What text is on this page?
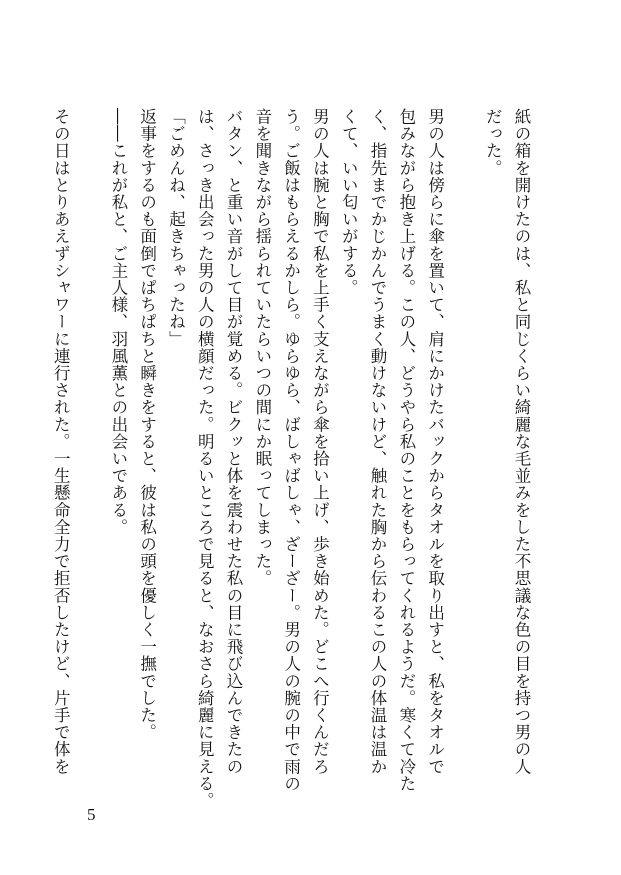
紙の箱を開けたのは、私と同じくらい綺麗な毛並みをした不思議な色の目を持つ男の人
だった。
男の人は傍らに傘を置いて、肩にかけたバックからタオルを取り出すと、私をタオルで
包みながら抱き上げる。この人、どうやら私のことをもらってくれるようだ。寒くて冷た
く、指先までかじかんでうまく動けないけど、触れた胸から伝わるこの人の体温は温か
くて、いい匂いがする。
男の人は腕と胸で私を上手く支えながら傘を拾い上げ、歩き始めた。どこへ行くんだろ
う。ご飯はもらえるかしら。ゆらゆら、ばしゃばしゃ、ざーざー。男の人の腕の中で雨の
音を聞きながら揺られていたらいつの間にか眠ってしまった。
バタン、と重い音がして目が覚める。ビクッと体を震わせた私の目に飛び込んできたの
は、さっき出会った男の人の横顔だった。明るいところで見ると、なおさら綺麗に見える。
「ごめんね、起きちゃったね」
返事をするのも面倒でぱちぱちと瞬きをすると、彼は私の頭を優しく一撫でした。
――これが私と、ご主人様、羽風薫との出会いである。
その日はとりあえずシャワーに連行された。一生懸命全力で拒否したけど、片手で体を
5
